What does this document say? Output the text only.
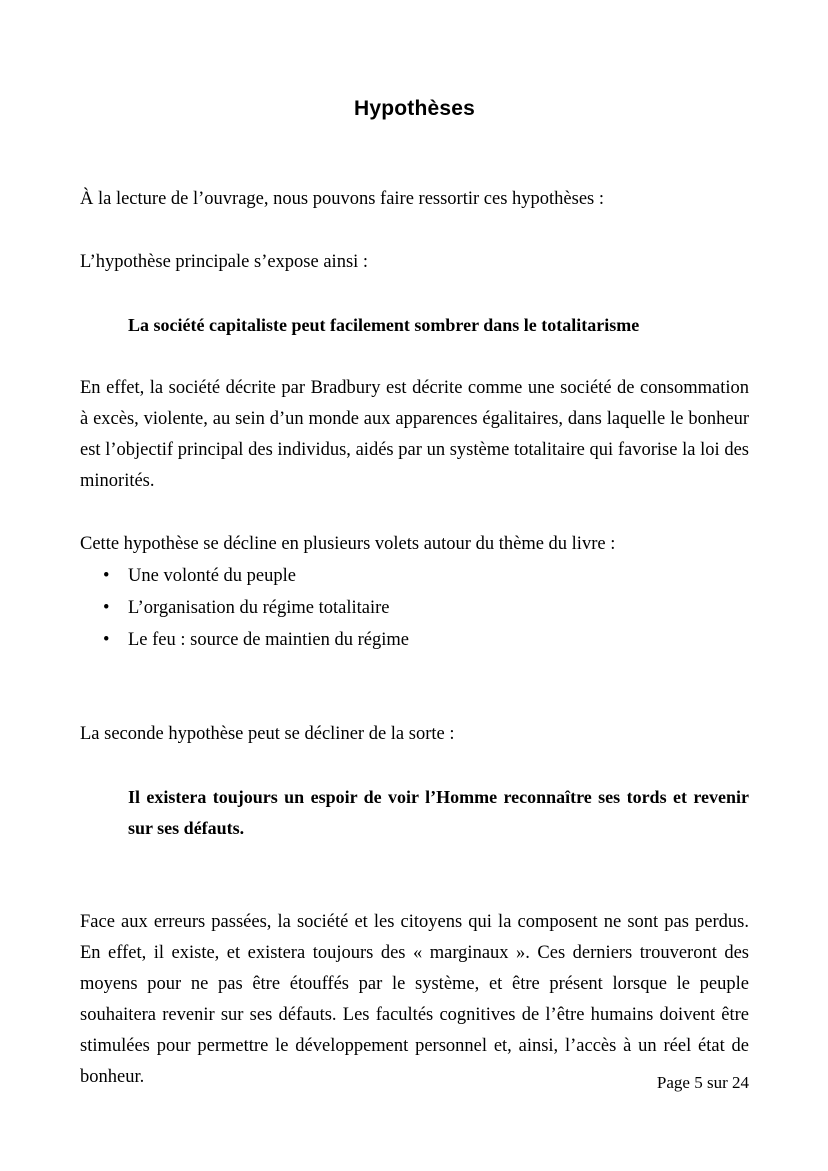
Hypothèses

À la lecture de l’ouvrage, nous pouvons faire ressortir ces hypothèses :

L’hypothèse principale s’expose ainsi :

La société capitaliste peut facilement sombrer dans le totalitarisme

En effet, la société décrite par Bradbury est décrite comme une société de consommation à excès, violente, au sein d’un monde aux apparences égalitaires, dans laquelle le bonheur est l’objectif principal des individus, aidés par un système totalitaire qui favorise la loi des minorités.

Cette hypothèse se décline en plusieurs volets autour du thème du livre :

• Une volonté du peuple
• L’organisation du régime totalitaire
• Le feu : source de maintien du régime

La seconde hypothèse peut se décliner de la sorte :

Il existera toujours un espoir de voir l’Homme reconnaître ses tords et revenir sur ses défauts.

Face aux erreurs passées, la société et les citoyens qui la composent ne sont pas perdus. En effet, il existe, et existera toujours des « marginaux ». Ces derniers trouveront des moyens pour ne pas être étouffés par le système, et être présent lorsque le peuple souhaitera revenir sur ses défauts. Les facultés cognitives de l’être humains doivent être stimulées pour permettre le développement personnel et, ainsi, l’accès à un réel état de bonheur.	Page 5 sur 24
